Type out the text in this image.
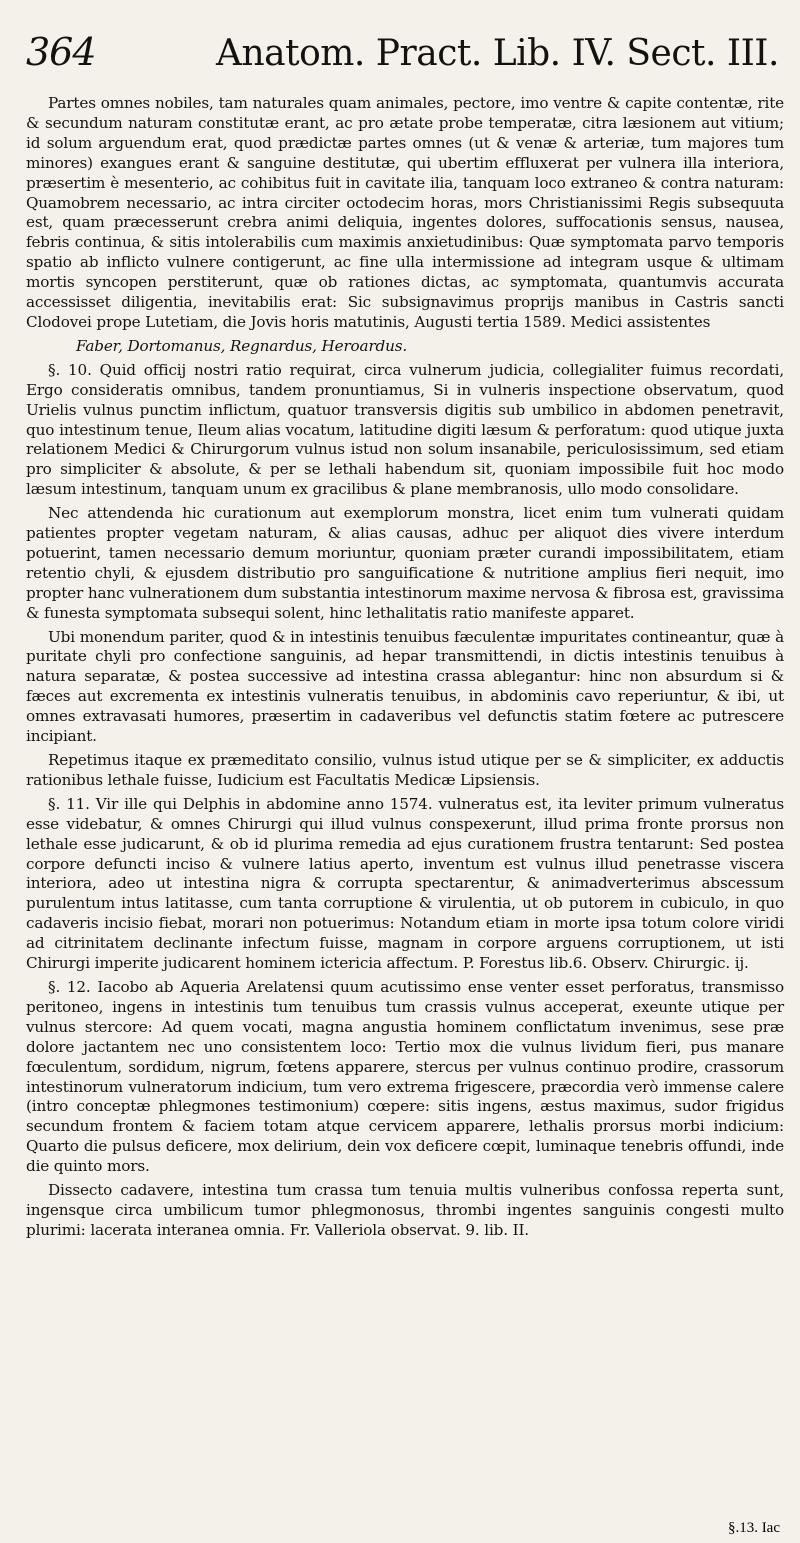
364	Anatom. Pract. Lib. IV. Sect. III.

Partes omnes nobiles, tam naturales quam animales, pectore, imo ventre & capite contentæ, rite & secundum naturam constitutæ erant, ac pro ætate probe temperatæ, citra læsionem aut vitium; id solum arguendum erat, quod prædictæ partes omnes (ut & venæ & arteriæ, tum majores tum minores) exangues erant & sanguine destitutæ, qui ubertim effluxerat per vulnera illa interiora, præsertim è mesenterio, ac cohibitus fuit in cavitate ilia, tanquam loco extraneo & contra naturam: Quamobrem necessario, ac intra circiter octodecim horas, mors Christianissimi Regis subsequuta est, quam præcesserunt crebra animi deliquia, ingentes dolores, suffocationis sensus, nausea, febris continua, & sitis intolerabilis cum maximis anxietudinibus: Quæ symptomata parvo temporis spatio ab inflicto vulnere contigerunt, ac fine ulla intermissione ad integram usque & ultimam mortis syncopen perstiterunt, quæ ob rationes dictas, ac symptomata, quantumvis accurata accessisset diligentia, inevitabilis erat: Sic subsignavimus proprijs manibus in Castris sancti Clodovei prope Lutetiam, die Jovis horis matutinis, Augusti tertia 1589. Medici assistentes

Faber, Dortomanus, Regnardus, Heroardus.

§. 10. Quid officij nostri ratio requirat, circa vulnerum judicia, collegialiter fuimus recordati, Ergo consideratis omnibus, tandem pronuntiamus, Si in vulneris inspectione observatum, quod Urielis vulnus punctim inflictum, quatuor transversis digitis sub umbilico in abdomen penetravit, quo intestinum tenue, Ileum alias vocatum, latitudine digiti læsum & perforatum: quod utique juxta relationem Medici & Chirurgorum vulnus istud non solum insanabile, periculosissimum, sed etiam pro simpliciter & absolute, & per se lethali habendum sit, quoniam impossibile fuit hoc modo læsum intestinum, tanquam unum ex gracilibus & plane membranosis, ullo modo consolidare.

Nec attendenda hic curationum aut exemplorum monstra, licet enim tum vulnerati quidam patientes propter vegetam naturam, & alias causas, adhuc per aliquot dies vivere interdum potuerint, tamen necessario demum moriuntur, quoniam præter curandi impossibilitatem, etiam retentio chyli, & ejusdem distributio pro sanguificatione & nutritione amplius fieri nequit, imo propter hanc vulnerationem dum substantia intestinorum maxime nervosa & fibrosa est, gravissima & funesta symptomata subsequi solent, hinc lethalitatis ratio manifeste apparet.

Ubi monendum pariter, quod & in intestinis tenuibus fæculentæ impuritates contineantur, quæ à puritate chyli pro confectione sanguinis, ad hepar transmittendi, in dictis intestinis tenuibus à natura separatæ, & postea successive ad intestina crassa ablegantur: hinc non absurdum si & fæces aut excrementa ex intestinis vulneratis tenuibus, in abdominis cavo reperiuntur, & ibi, ut omnes extravasati humores, præsertim in cadaveribus vel defunctis statim fœtere ac putrescere incipiant.

Repetimus itaque ex præmeditato consilio, vulnus istud utique per se & simpliciter, ex adductis rationibus lethale fuisse, Iudicium est Facultatis Medicæ Lipsiensis.

§. 11. Vir ille qui Delphis in abdomine anno 1574. vulneratus est, ita leviter primum vulneratus esse videbatur, & omnes Chirurgi qui illud vulnus conspexerunt, illud prima fronte prorsus non lethale esse judicarunt, & ob id plurima remedia ad ejus curationem frustra tentarunt: Sed postea corpore defuncti inciso & vulnere latius aperto, inventum est vulnus illud penetrasse viscera interiora, adeo ut intestina nigra & corrupta spectarentur, & animadverterimus abscessum purulentum intus latitasse, cum tanta corruptione & virulentia, ut ob putorem in cubiculo, in quo cadaveris incisio fiebat, morari non potuerimus: Notandum etiam in morte ipsa totum colore viridi ad citrinitatem declinante infectum fuisse, magnam in corpore arguens corruptionem, ut isti Chirurgi imperite judicarent hominem ictericia affectum. P. Forestus lib.6. Observ. Chirurgic. ij.

§. 12. Iacobo ab Aqueria Arelatensi quum acutissimo ense venter esset perforatus, transmisso peritoneo, ingens in intestinis tum tenuibus tum crassis vulnus acceperat, exeunte utique per vulnus stercore: Ad quem vocati, magna angustia hominem conflictatum invenimus, sese præ dolore jactantem nec uno consistentem loco: Tertio mox die vulnus lividum fieri, pus manare fœculentum, sordidum, nigrum, fœtens apparere, stercus per vulnus continuo prodire, crassorum intestinorum vulneratorum indicium, tum vero extrema frigescere, præcordia verò immense calere (intro conceptæ phlegmones testimonium) cœpere: sitis ingens, æstus maximus, sudor frigidus secundum frontem & faciem totam atque cervicem apparere, lethalis prorsus morbi indicium: Quarto die pulsus deficere, mox delirium, dein vox deficere cœpit, luminaque tenebris offundi, inde die quinto mors.

Dissecto cadavere, intestina tum crassa tum tenuia multis vulneribus confossa reperta sunt, ingensque circa umbilicum tumor phlegmonosus, thrombi ingentes sanguinis congesti multo plurimi: lacerata interanea omnia. Fr. Valleriola observat. 9. lib. II.

§.13. Iac
